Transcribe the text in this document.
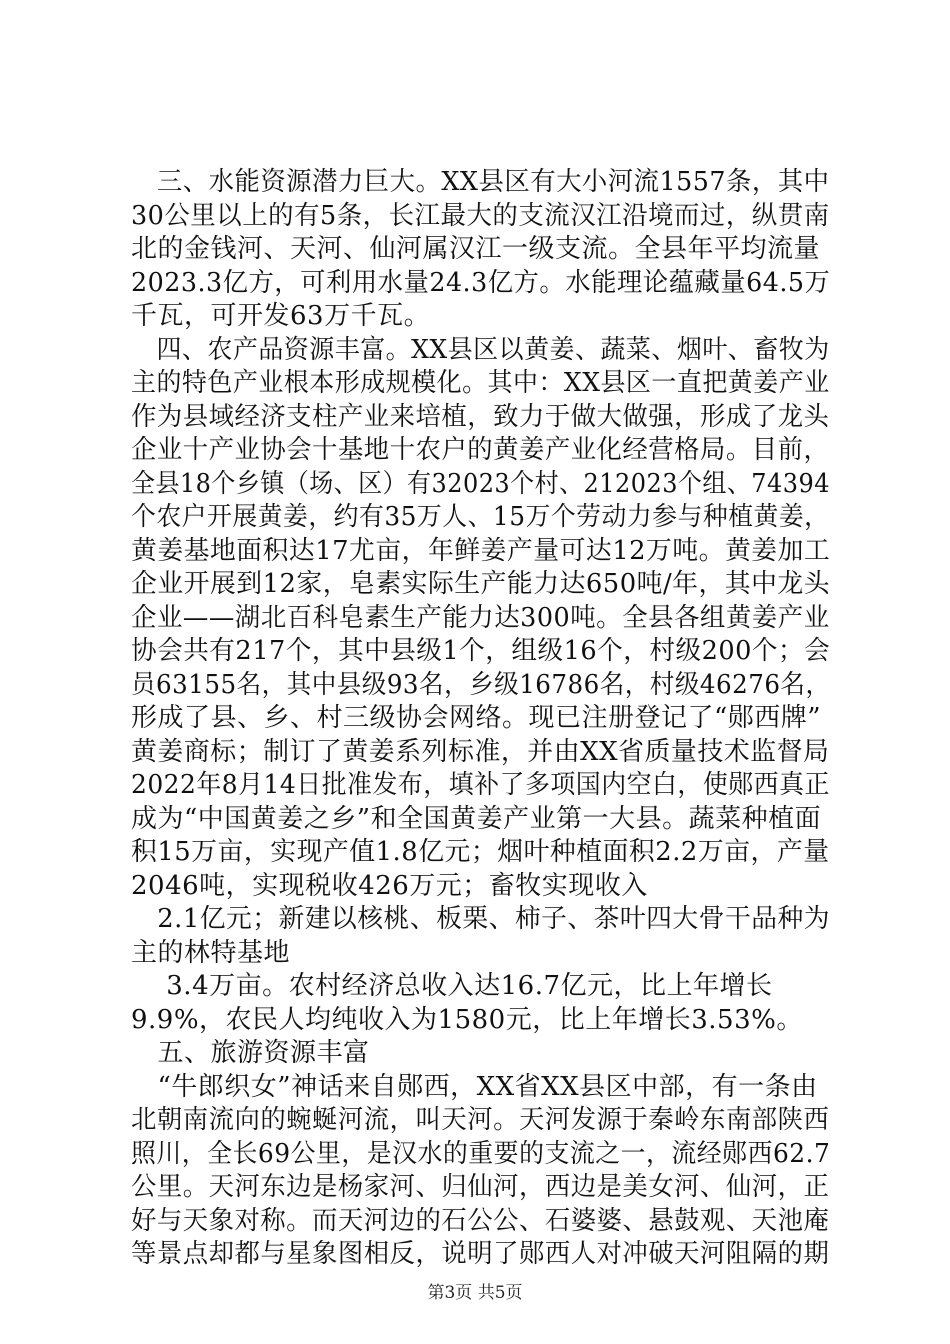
　三、水能资源潜力巨大。XX县区有大小河流1557条，其中
30公里以上的有5条，长江最大的支流汉江沿境而过，纵贯南
北的金钱河、天河、仙河属汉江一级支流。全县年平均流量
2023.3亿方，可利用水量24.3亿方。水能理论蕴藏量64.5万
千瓦，可开发63万千瓦。
　四、农产品资源丰富。XX县区以黄姜、蔬菜、烟叶、畜牧为
主的特色产业根本形成规模化。其中：XX县区一直把黄姜产业
作为县域经济支柱产业来培植，致力于做大做强，形成了龙头
企业十产业协会十基地十农户的黄姜产业化经营格局。目前，
全县18个乡镇（场、区）有32023个村、212023个组、74394
个农户开展黄姜，约有35万人、15万个劳动力参与种植黄姜，
黄姜基地面积达17尤亩，年鲜姜产量可达12万吨。黄姜加工
企业开展到12家，皂素实际生产能力达650吨/年，其中龙头
企业——湖北百科皂素生产能力达300吨。全县各组黄姜产业
协会共有217个，其中县级1个，组级16个，村级200个；会
员63155名，其中县级93名，乡级16786名，村级46276名，
形成了县、乡、村三级协会网络。现已注册登记了“郧西牌”
黄姜商标；制订了黄姜系列标准，并由XX省质量技术监督局
2022年8月14日批准发布，填补了多项国内空白，使郧西真正
成为“中国黄姜之乡”和全国黄姜产业第一大县。蔬菜种植面
积15万亩，实现产值1.8亿元；烟叶种植面积2.2万亩，产量
2046吨，实现税收426万元；畜牧实现收入
　2.1亿元；新建以核桃、板栗、柿子、茶叶四大骨干品种为
主的林特基地
　 3.4万亩。农村经济总收入达16.7亿元，比上年增长
9.9%，农民人均纯收入为1580元，比上年增长3.53%。
　五、旅游资源丰富
　“牛郎织女”神话来自郧西，XX省XX县区中部，有一条由
北朝南流向的蜿蜒河流，叫天河。天河发源于秦岭东南部陕西
照川，全长69公里，是汉水的重要的支流之一，流经郧西62.7
公里。天河东边是杨家河、归仙河，西边是美女河、仙河，正
好与天象对称。而天河边的石公公、石婆婆、悬鼓观、天池庵
等景点却都与星象图相反，说明了郧西人对冲破天河阻隔的期
第3页 共5页
